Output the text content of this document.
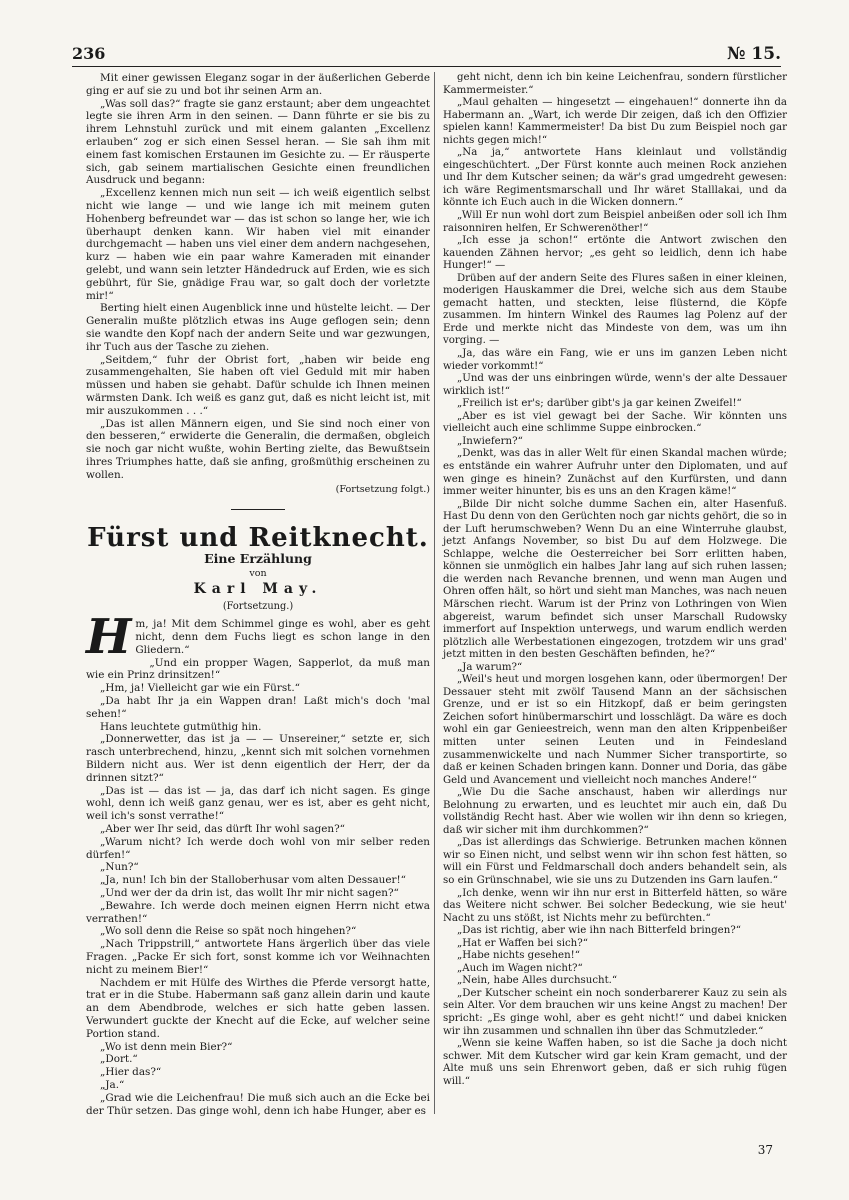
236	№ 15.

Mit einer gewissen Eleganz sogar in der äußerlichen Geberde ging er auf sie zu und bot ihr seinen Arm an.

„Was soll das?“ fragte sie ganz erstaunt; aber dem ungeachtet legte sie ihren Arm in den seinen. — Dann führte er sie bis zu ihrem Lehnstuhl zurück und mit einem galanten „Excellenz erlauben“ zog er sich einen Sessel heran. — Sie sah ihm mit einem fast komischen Erstaunen im Gesichte zu. — Er räusperte sich, gab seinem martialischen Gesichte einen freundlichen Ausdruck und begann:

„Excellenz kennen mich nun seit — ich weiß eigentlich selbst nicht wie lange — und wie lange ich mit meinem guten Hohenberg befreundet war — das ist schon so lange her, wie ich überhaupt denken kann. Wir haben viel mit einander durchgemacht — haben uns viel einer dem andern nachgesehen, kurz — haben wie ein paar wahre Kameraden mit einander gelebt, und wann sein letzter Händedruck auf Erden, wie es sich gebührt, für Sie, gnädige Frau war, so galt doch der vorletzte mir!“

Berting hielt einen Augenblick inne und hüstelte leicht. — Der Generalin mußte plötzlich etwas ins Auge geflogen sein; denn sie wandte den Kopf nach der andern Seite und war gezwungen, ihr Tuch aus der Tasche zu ziehen.

„Seitdem,“ fuhr der Obrist fort, „haben wir beide eng zusammengehalten, Sie haben oft viel Geduld mit mir haben müssen und haben sie gehabt. Dafür schulde ich Ihnen meinen wärmsten Dank. Ich weiß es ganz gut, daß es nicht leicht ist, mit mir auszukommen . . .“

„Das ist allen Männern eigen, und Sie sind noch einer von den besseren,“ erwiderte die Generalin, die dermaßen, obgleich sie noch gar nicht wußte, wohin Berting zielte, das Bewußtsein ihres Triumphes hatte, daß sie anfing, großmüthig erscheinen zu wollen.

(Fortsetzung folgt.)
Fürst und Reitknecht.
Eine Erzählung
von
Karl May.
(Fortsetzung.)

Hm, ja! Mit dem Schimmel ginge es wohl, aber es geht nicht, denn dem Fuchs liegt es schon lange in den Gliedern.“

„Und ein propper Wagen, Sapperlot, da muß man wie ein Prinz drinsitzen!“

„Hm, ja! Vielleicht gar wie ein Fürst.“

„Da habt Ihr ja ein Wappen dran! Laßt mich's doch 'mal sehen!“

Hans leuchtete gutmüthig hin.

„Donnerwetter, das ist ja — — Unsereiner,“ setzte er, sich rasch unterbrechend, hinzu, „kennt sich mit solchen vornehmen Bildern nicht aus. Wer ist denn eigentlich der Herr, der da drinnen sitzt?“

„Das ist — das ist — ja, das darf ich nicht sagen. Es ginge wohl, denn ich weiß ganz genau, wer es ist, aber es geht nicht, weil ich's sonst verrathe!“

„Aber wer Ihr seid, das dürft Ihr wohl sagen?“

„Warum nicht? Ich werde doch wohl von mir selber reden dürfen!“

„Nun?“

„Ja, nun! Ich bin der Stalloberhusar vom alten Dessauer!“

„Und wer der da drin ist, das wollt Ihr mir nicht sagen?“

„Bewahre. Ich werde doch meinen eignen Herrn nicht etwa verrathen!“

„Wo soll denn die Reise so spät noch hingehen?“

„Nach Trippstrill,“ antwortete Hans ärgerlich über das viele Fragen. „Packe Er sich fort, sonst komme ich vor Weihnachten nicht zu meinem Bier!“

Nachdem er mit Hülfe des Wirthes die Pferde versorgt hatte, trat er in die Stube. Habermann saß ganz allein darin und kaute an dem Abendbrode, welches er sich hatte geben lassen. Verwundert guckte der Knecht auf die Ecke, auf welcher seine Portion stand.

„Wo ist denn mein Bier?“

„Dort.“

„Hier das?“

„Ja.“

„Grad wie die Leichenfrau! Die muß sich auch an die Ecke bei der Thür setzen. Das ginge wohl, denn ich habe Hunger, aber es

geht nicht, denn ich bin keine Leichenfrau, sondern fürstlicher Kammermeister.“

„Maul gehalten — hingesetzt — eingehauen!“ donnerte ihn da Habermann an. „Wart, ich werde Dir zeigen, daß ich den Offizier spielen kann! Kammermeister! Da bist Du zum Beispiel noch gar nichts gegen mich!“

„Na ja,“ antwortete Hans kleinlaut und vollständig eingeschüchtert. „Der Fürst konnte auch meinen Rock anziehen und Ihr dem Kutscher seinen; da wär's grad umgedreht gewesen: ich wäre Regimentsmarschall und Ihr wäret Stalllakai, und da könnte ich Euch auch in die Wicken donnern.“

„Will Er nun wohl dort zum Beispiel anbeißen oder soll ich Ihm raisonniren helfen, Er Schwerenöther!“

„Ich esse ja schon!“ ertönte die Antwort zwischen den kauenden Zähnen hervor; „es geht so leidlich, denn ich habe Hunger!“ —

Drüben auf der andern Seite des Flures saßen in einer kleinen, moderigen Hauskammer die Drei, welche sich aus dem Staube gemacht hatten, und steckten, leise flüsternd, die Köpfe zusammen. Im hintern Winkel des Raumes lag Polenz auf der Erde und merkte nicht das Mindeste von dem, was um ihn vorging. —

„Ja, das wäre ein Fang, wie er uns im ganzen Leben nicht wieder vorkommt!“

„Und was der uns einbringen würde, wenn's der alte Dessauer wirklich ist!“

„Freilich ist er's; darüber gibt's ja gar keinen Zweifel!“

„Aber es ist viel gewagt bei der Sache. Wir könnten uns vielleicht auch eine schlimme Suppe einbrocken.“

„Inwiefern?“

„Denkt, was das in aller Welt für einen Skandal machen würde; es entstände ein wahrer Aufruhr unter den Diplomaten, und auf wen ginge es hinein? Zunächst auf den Kurfürsten, und dann immer weiter hinunter, bis es uns an den Kragen käme!“

„Bilde Dir nicht solche dumme Sachen ein, alter Hasenfuß. Hast Du denn von den Gerüchten noch gar nichts gehört, die so in der Luft herumschweben? Wenn Du an eine Winterruhe glaubst, jetzt Anfangs November, so bist Du auf dem Holzwege. Die Schlappe, welche die Oesterreicher bei Sorr erlitten haben, können sie unmöglich ein halbes Jahr lang auf sich ruhen lassen; die werden nach Revanche brennen, und wenn man Augen und Ohren offen hält, so hört und sieht man Manches, was nach neuen Märschen riecht. Warum ist der Prinz von Lothringen von Wien abgereist, warum befindet sich unser Marschall Rudowsky immerfort auf Inspektion unterwegs, und warum endlich werden plötzlich alle Werbestationen eingezogen, trotzdem wir uns grad' jetzt mitten in den besten Geschäften befinden, he?“

„Ja warum?“

„Weil's heut und morgen losgehen kann, oder übermorgen! Der Dessauer steht mit zwölf Tausend Mann an der sächsischen Grenze, und er ist so ein Hitzkopf, daß er beim geringsten Zeichen sofort hinübermarschirt und losschlägt. Da wäre es doch wohl ein gar Genieestreich, wenn man den alten Krippenbeißer mitten unter seinen Leuten und in Feindesland zusammenwickelte und nach Nummer Sicher transportirte, so daß er keinen Schaden bringen kann. Donner und Doria, das gäbe Geld und Avancement und vielleicht noch manches Andere!“

„Wie Du die Sache anschaust, haben wir allerdings nur Belohnung zu erwarten, und es leuchtet mir auch ein, daß Du vollständig Recht hast. Aber wie wollen wir ihn denn so kriegen, daß wir sicher mit ihm durchkommen?“

„Das ist allerdings das Schwierige. Betrunken machen können wir so Einen nicht, und selbst wenn wir ihn schon fest hätten, so will ein Fürst und Feldmarschall doch anders behandelt sein, als so ein Grünschnabel, wie sie uns zu Dutzenden ins Garn laufen.“

„Ich denke, wenn wir ihn nur erst in Bitterfeld hätten, so wäre das Weitere nicht schwer. Bei solcher Bedeckung, wie sie heut' Nacht zu uns stößt, ist Nichts mehr zu befürchten.“

„Das ist richtig, aber wie ihn nach Bitterfeld bringen?“

„Hat er Waffen bei sich?“

„Habe nichts gesehen!“

„Auch im Wagen nicht?“

„Nein, habe Alles durchsucht.“

„Der Kutscher scheint ein noch sonderbarerer Kauz zu sein als sein Alter. Vor dem brauchen wir uns keine Angst zu machen! Der spricht: „Es ginge wohl, aber es geht nicht!“ und dabei knicken wir ihn zusammen und schnallen ihn über das Schmutzleder.“

„Wenn sie keine Waffen haben, so ist die Sache ja doch nicht schwer. Mit dem Kutscher wird gar kein Kram gemacht, und der Alte muß uns sein Ehrenwort geben, daß er sich ruhig fügen will.“

37
